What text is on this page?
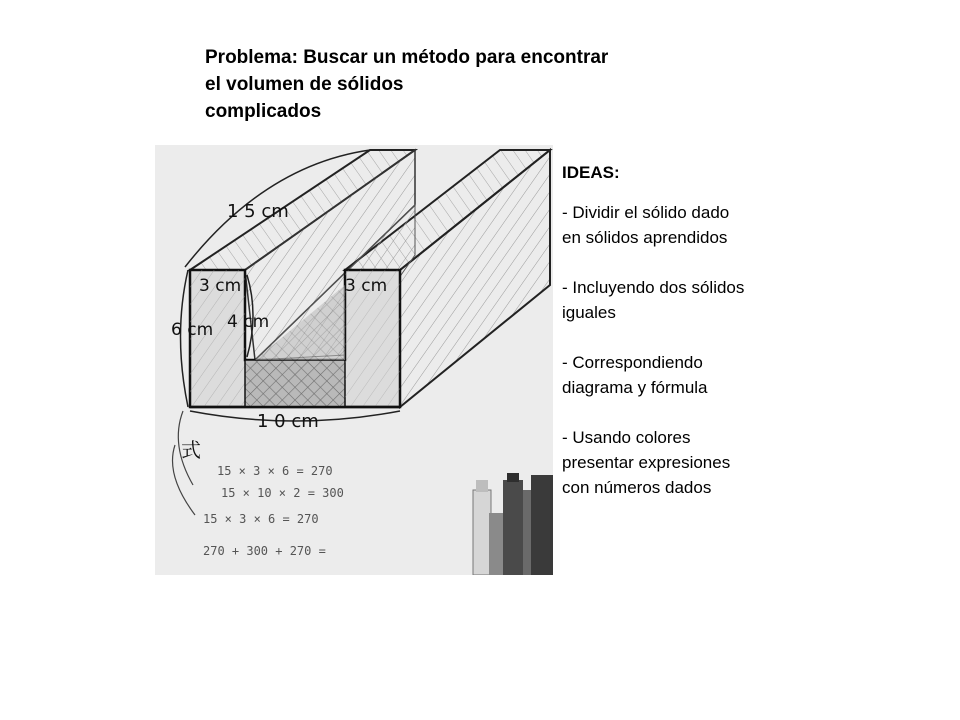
Problema: Buscar un método para encontrar
el volumen de sólidos
complicados
1 5 cm
3 cm	3 cm
6 cm 4 cm
1 0 cm
式
15 × 3 × 6 = 270
15 × 10 × 2 = 300
15 × 3 × 6 = 270
270 + 300 + 270 =
IDEAS:
- Dividir el sólido dado
en sólidos aprendidos
- Incluyendo dos sólidos
iguales
- Correspondiendo
diagrama y fórmula
- Usando colores
presentar expresiones
con números dados
